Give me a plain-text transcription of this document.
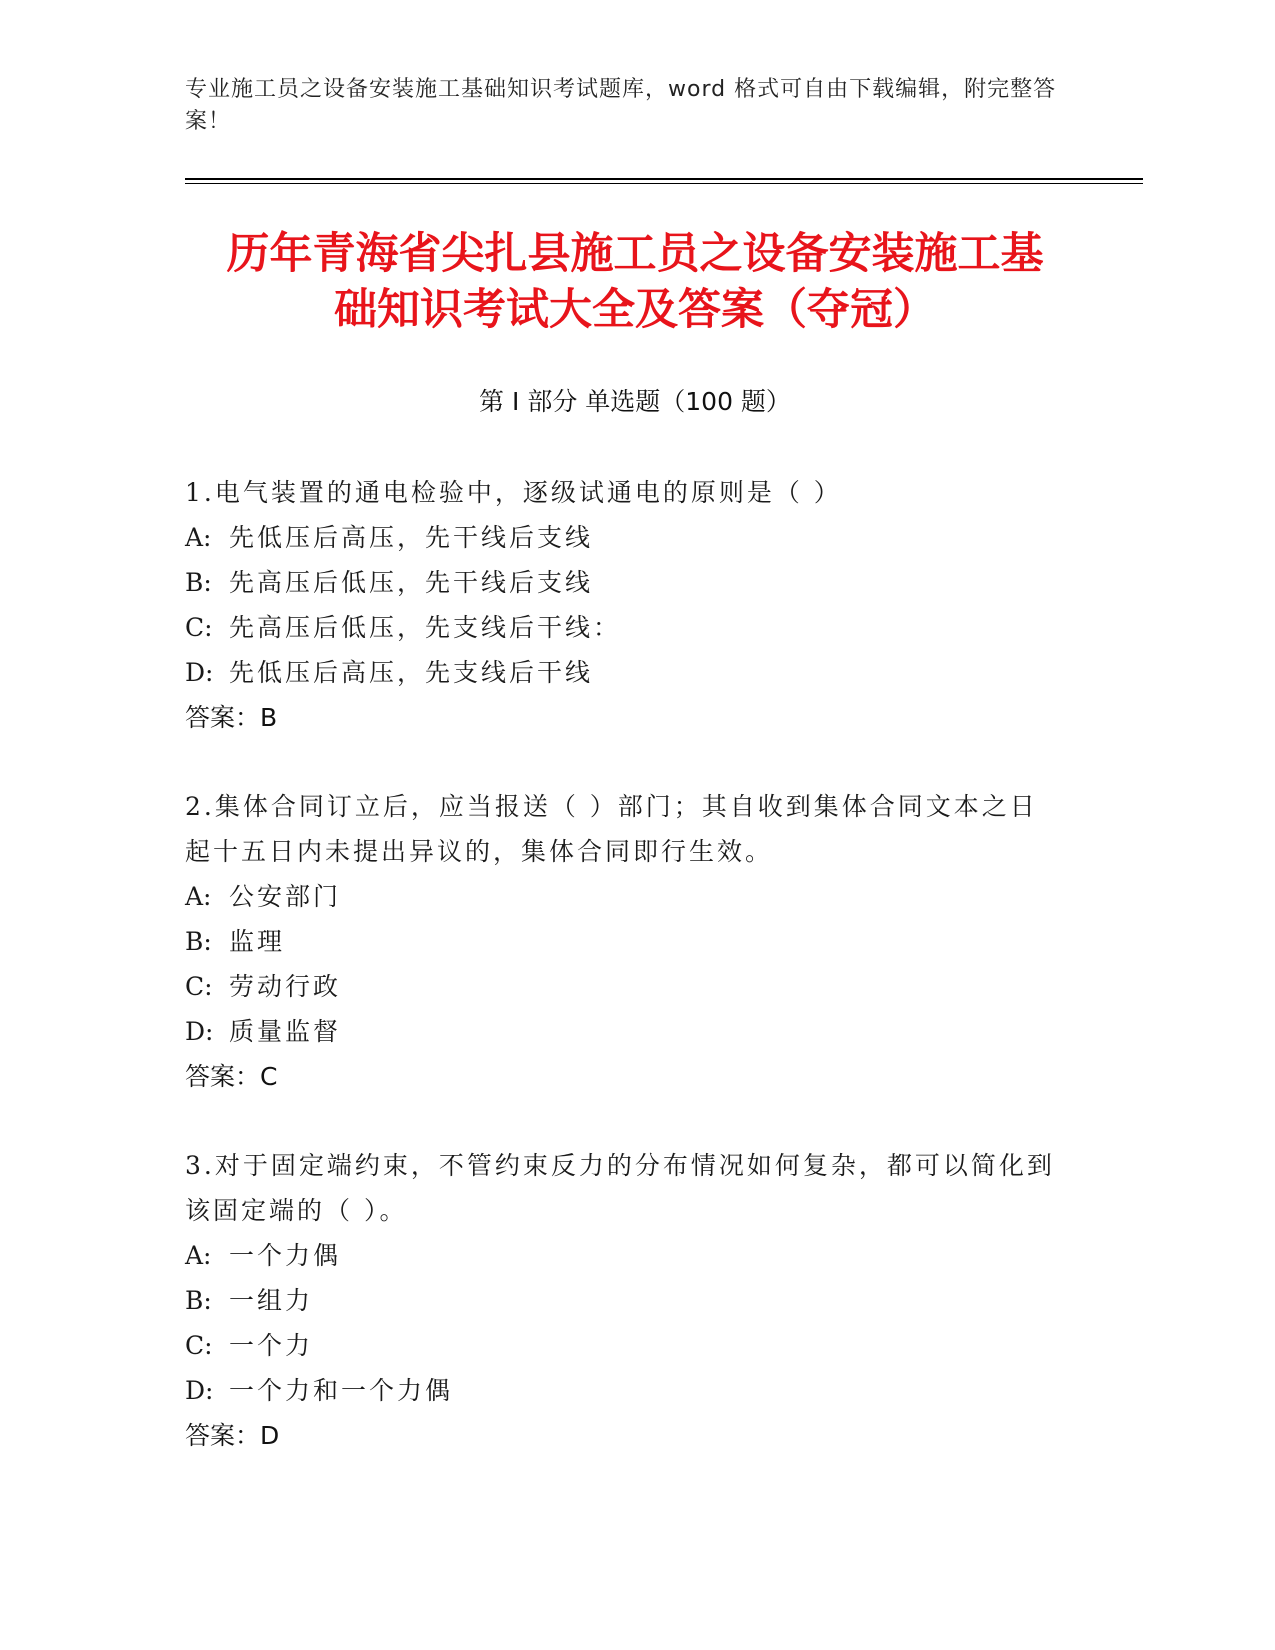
专业施工员之设备安装施工基础知识考试题库，word 格式可自由下载编辑，附完整答案！
历年青海省尖扎县施工员之设备安装施工基
础知识考试大全及答案（夺冠）
第 I 部分 单选题（100 题）
1.电气装置的通电检验中，逐级试通电的原则是（ ）
A: 先低压后高压，先干线后支线
B: 先高压后低压，先干线后支线
C: 先高压后低压，先支线后干线：
D: 先低压后高压，先支线后干线
答案：B
2.集体合同订立后，应当报送（ ）部门；其自收到集体合同文本之日起十五日内未提出异议的，集体合同即行生效。
A: 公安部门
B: 监理
C: 劳动行政
D: 质量监督
答案：C
3.对于固定端约束，不管约束反力的分布情况如何复杂，都可以简化到该固定端的（ ）。
A: 一个力偶
B: 一组力
C: 一个力
D: 一个力和一个力偶
答案：D
